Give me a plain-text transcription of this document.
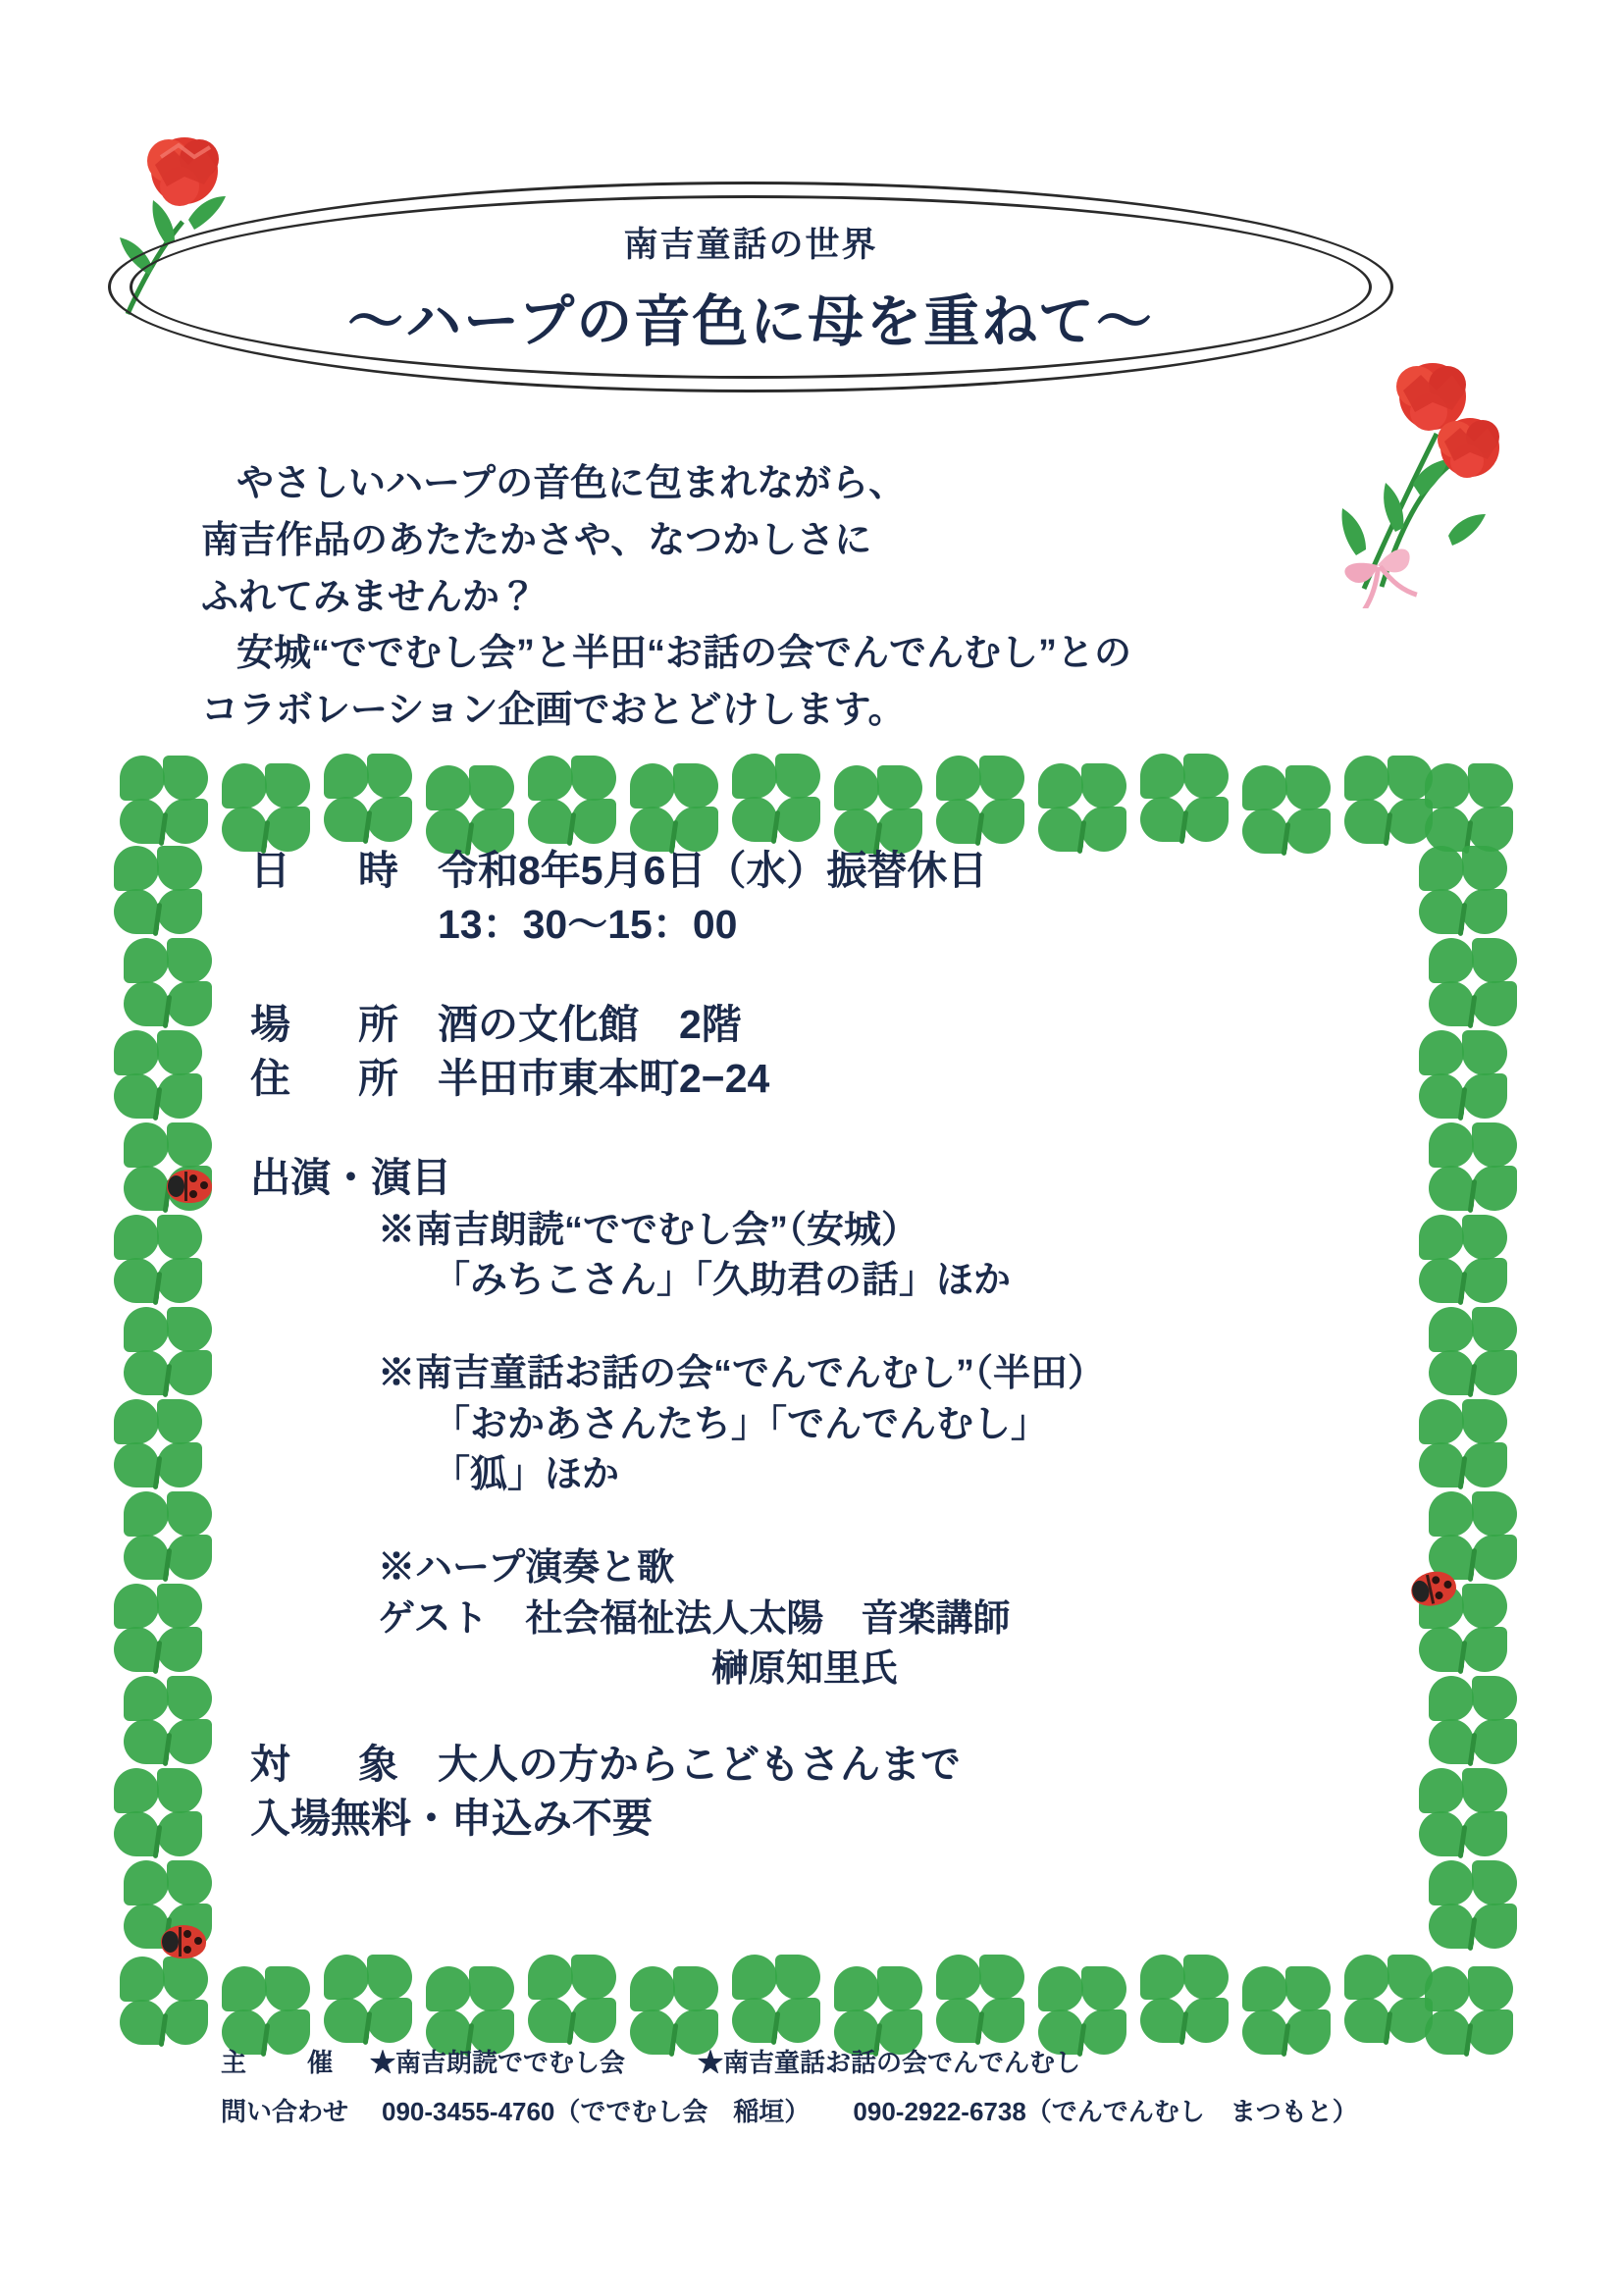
南吉童話の世界
〜ハープの音色に母を重ねて〜
やさしいハープの音色に包まれながら、
南吉作品のあたたかさや、なつかしさに
ふれてみませんか？
安城“ででむし会”と半田“お話の会でんでんむし”との
コラボレーション企画でおとどけします。
日　時 令和8年5月6日（水）振替休日
13：30〜15：00
場　所 酒の文化館　2階
住　所 半田市東本町2−24
出演・演目
※南吉朗読“ででむし会”（安城）
「みちこさん」「久助君の話」ほか
※南吉童話お話の会“でんでんむし”（半田）
「おかあさんたち」「でんでんむし」
「狐」ほか
※ハープ演奏と歌
ゲスト　社会福祉法人太陽　音楽講師
榊原知里氏
対　象 大人の方からこどもさんまで
入場無料・申込み不要
主　催 ★南吉朗読ででむし会	★南吉童話お話の会でんでんむし
問い合わせ	090-3455-4760（ででむし会　稲垣）	090-2922-6738（でんでんむし　まつもと）
